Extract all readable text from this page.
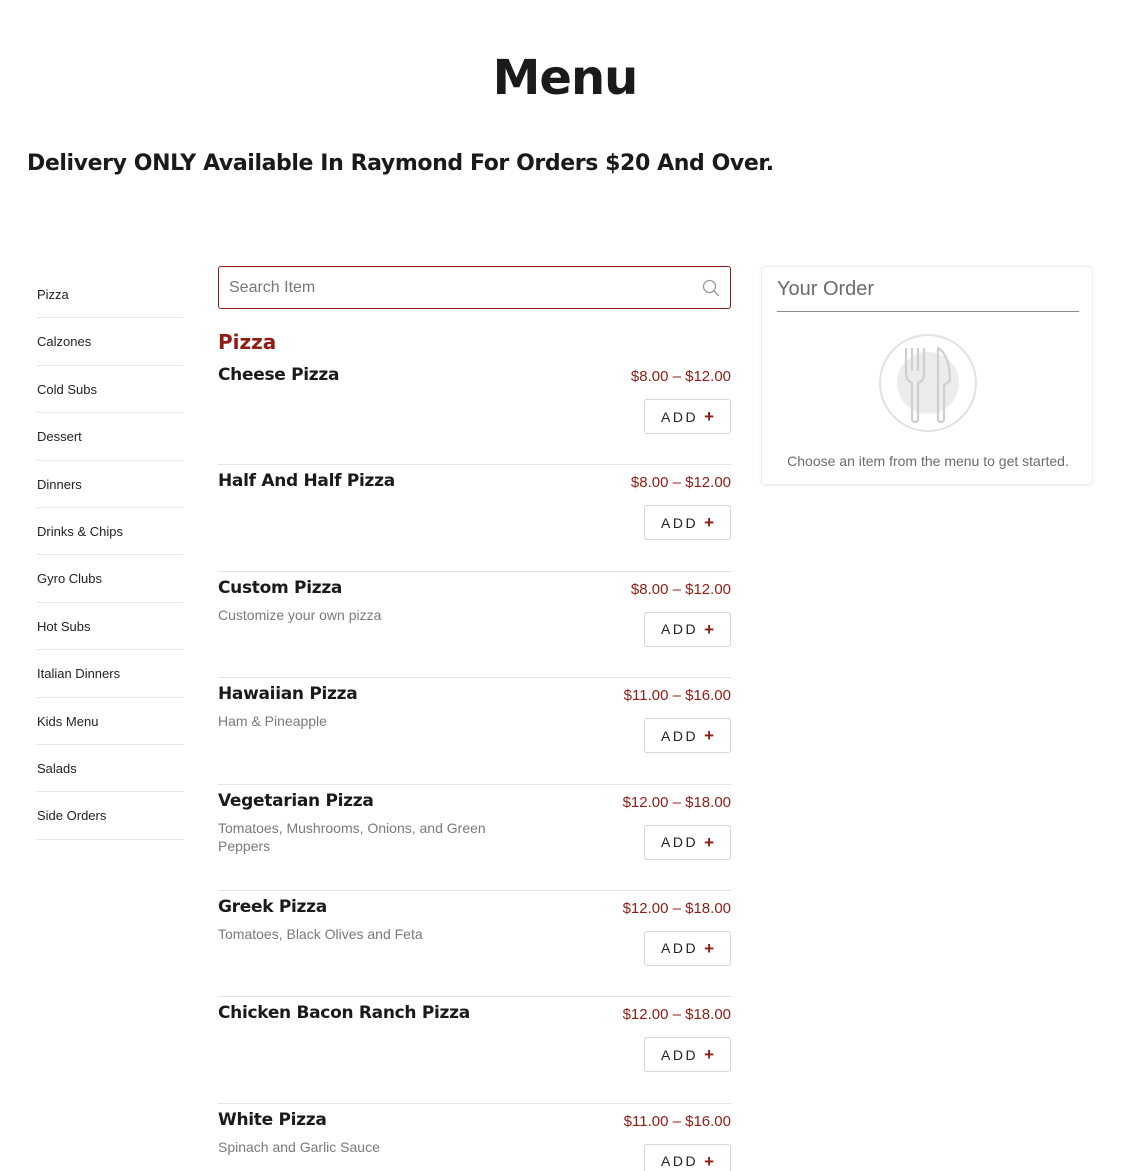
Menu
Delivery ONLY Available In Raymond For Orders $20 And Over.
Pizza
Calzones
Cold Subs
Dessert
Dinners
Drinks & Chips
Gyro Clubs
Hot Subs
Italian Dinners
Kids Menu
Salads
Side Orders
Search Item
Pizza
Cheese Pizza	$8.00 – $12.00
ADD +
Half And Half Pizza	$8.00 – $12.00
ADD +
Custom Pizza
Customize your own pizza
$8.00 – $12.00
ADD +
Hawaiian Pizza
Ham & Pineapple
$11.00 – $16.00
ADD +
Vegetarian Pizza
Tomatoes, Mushrooms, Onions, and Green Peppers
$12.00 – $18.00
ADD +
Greek Pizza
Tomatoes, Black Olives and Feta
$12.00 – $18.00
ADD +
Chicken Bacon Ranch Pizza	$12.00 – $18.00
ADD +
White Pizza
Spinach and Garlic Sauce
$11.00 – $16.00
ADD +
Your Order
Choose an item from the menu to get started.
